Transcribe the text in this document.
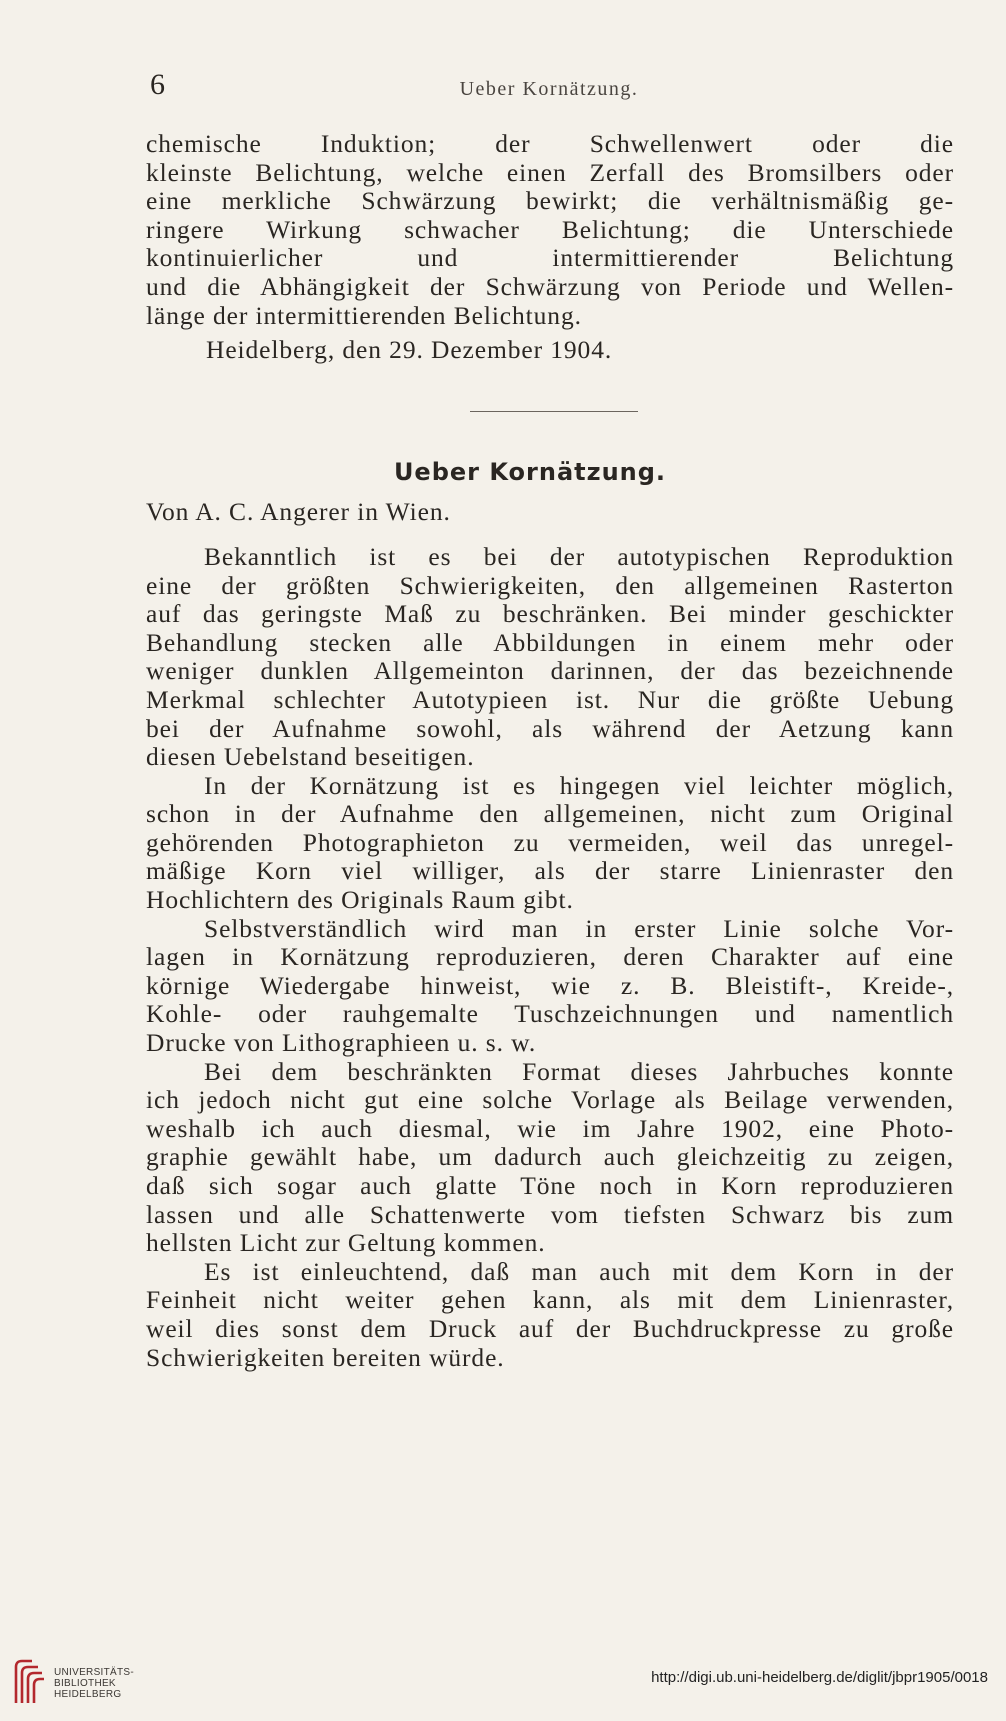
6	Ueber Kornätzung.

chemische Induktion; der Schwellenwert oder die
kleinste Belichtung, welche einen Zerfall des Bromsilbers oder
eine merkliche Schwärzung bewirkt; die verhältnismäßig ge-
ringere Wirkung schwacher Belichtung; die Unterschiede
kontinuierlicher und intermittierender Belichtung
und die Abhängigkeit der Schwärzung von Periode und Wellen-
länge der intermittierenden Belichtung.

Heidelberg, den 29. Dezember 1904.

Ueber Kornätzung.

Von A. C. Angerer in Wien.

Bekanntlich ist es bei der autotypischen Reproduktion
eine der größten Schwierigkeiten, den allgemeinen Rasterton
auf das geringste Maß zu beschränken. Bei minder geschickter
Behandlung stecken alle Abbildungen in einem mehr oder
weniger dunklen Allgemeinton darinnen, der das bezeichnende
Merkmal schlechter Autotypieen ist. Nur die größte Uebung
bei der Aufnahme sowohl, als während der Aetzung kann
diesen Uebelstand beseitigen.

In der Kornätzung ist es hingegen viel leichter möglich,
schon in der Aufnahme den allgemeinen, nicht zum Original
gehörenden Photographieton zu vermeiden, weil das unregel-
mäßige Korn viel williger, als der starre Linienraster den
Hochlichtern des Originals Raum gibt.

Selbstverständlich wird man in erster Linie solche Vor-
lagen in Kornätzung reproduzieren, deren Charakter auf eine
körnige Wiedergabe hinweist, wie z. B. Bleistift-, Kreide-,
Kohle- oder rauhgemalte Tuschzeichnungen und namentlich
Drucke von Lithographieen u. s. w.

Bei dem beschränkten Format dieses Jahrbuches konnte
ich jedoch nicht gut eine solche Vorlage als Beilage verwenden,
weshalb ich auch diesmal, wie im Jahre 1902, eine Photo-
graphie gewählt habe, um dadurch auch gleichzeitig zu zeigen,
daß sich sogar auch glatte Töne noch in Korn reproduzieren
lassen und alle Schattenwerte vom tiefsten Schwarz bis zum
hellsten Licht zur Geltung kommen.

Es ist einleuchtend, daß man auch mit dem Korn in der
Feinheit nicht weiter gehen kann, als mit dem Linienraster,
weil dies sonst dem Druck auf der Buchdruckpresse zu große
Schwierigkeiten bereiten würde.

UNIVERSITÄTS-
BIBLIOTHEK
HEIDELBERG
http://digi.ub.uni-heidelberg.de/diglit/jbpr1905/0018
